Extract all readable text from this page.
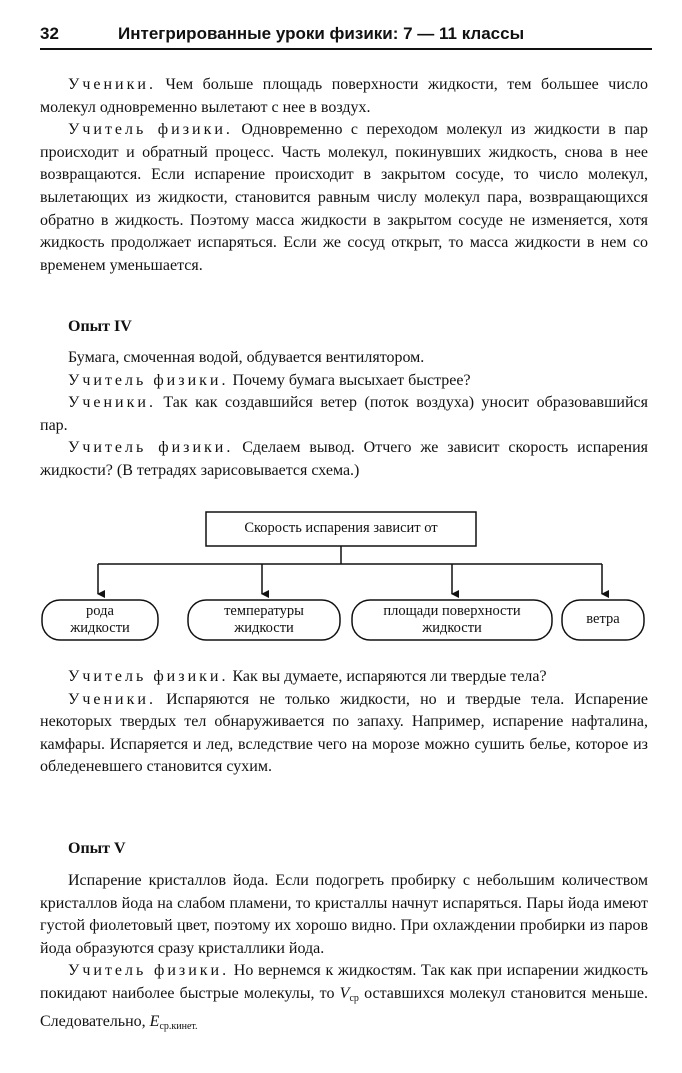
32	Интегрированные уроки физики: 7 — 11 классы

Ученики. Чем больше площадь поверхности жидкости, тем большее число молекул одновременно вылетают с нее в воздух.

Учитель физики. Одновременно с переходом молекул из жидкости в пар происходит и обратный процесс. Часть молекул, покинувших жидкость, снова в нее возвращаются. Если испарение происходит в закрытом сосуде, то число молекул, вылетающих из жидкости, становится равным числу молекул пара, возвращающихся обратно в жидкость. Поэтому масса жидкости в закрытом сосуде не изменяется, хотя жидкость продолжает испаряться. Если же сосуд открыт, то масса жидкости в нем со временем уменьшается.

Опыт IV

Бумага, смоченная водой, обдувается вентилятором.

Учитель физики. Почему бумага высыхает быстрее?

Ученики. Так как создавшийся ветер (поток воздуха) уносит образовавшийся пар.

Учитель физики. Сделаем вывод. Отчего же зависит скорость испарения жидкости? (В тетрадях зарисовывается схема.)

Скорость испарения зависит от
рода
жидкости
температуры
жидкости
площади поверхности
жидкости
ветра

Учитель физики. Как вы думаете, испаряются ли твердые тела?

Ученики. Испаряются не только жидкости, но и твердые тела. Испарение некоторых твердых тел обнаруживается по запаху. Например, испарение нафталина, камфары. Испаряется и лед, вследствие чего на морозе можно сушить белье, которое из обледеневшего становится сухим.

Опыт V

Испарение кристаллов йода. Если подогреть пробирку с небольшим количеством кристаллов йода на слабом пламени, то кристаллы начнут испаряться. Пары йода имеют густой фиолетовый цвет, поэтому их хорошо видно. При охлаждении пробирки из паров йода образуются сразу кристаллики йода.

Учитель физики. Но вернемся к жидкостям. Так как при испарении жидкость покидают наиболее быстрые молекулы, то $V_{ср}$ оставшихся молекул становится меньше. Следовательно, $E_{ср.кинет.}$
